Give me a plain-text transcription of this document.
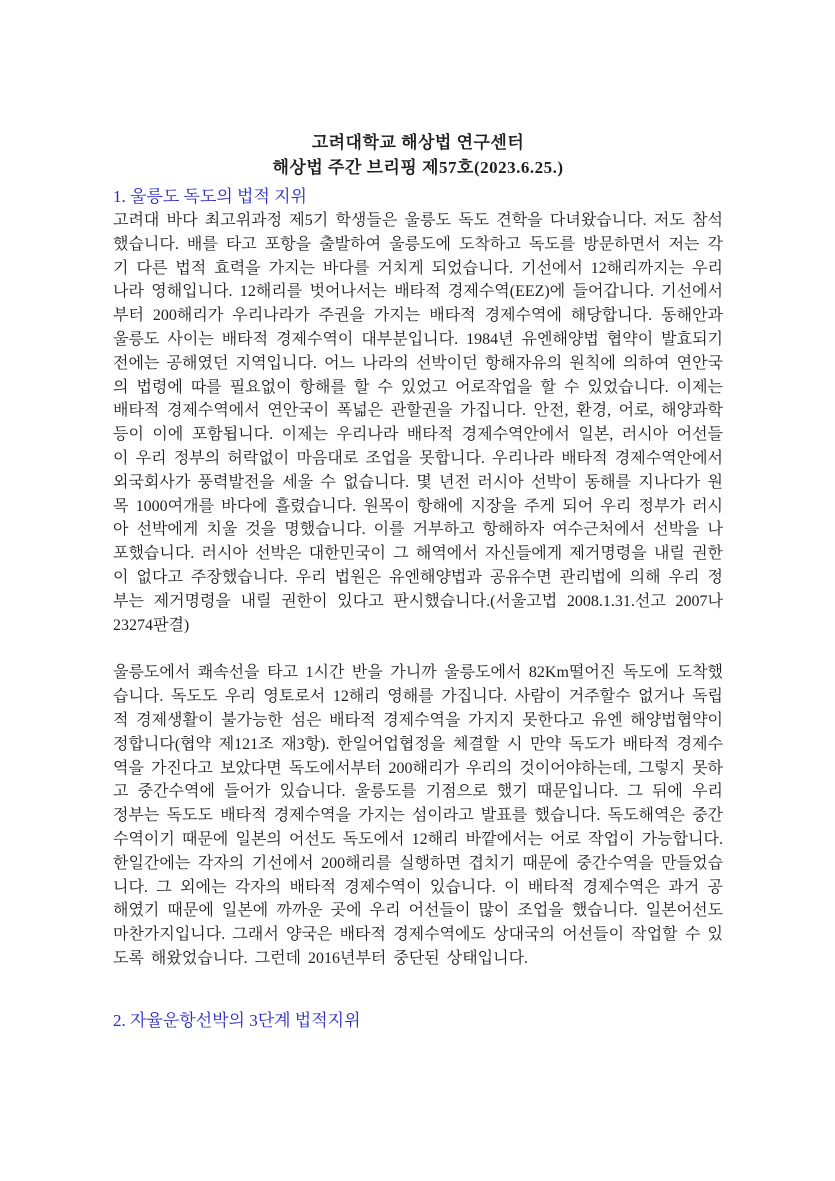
고려대학교 해상법 연구센터
해상법 주간 브리핑 제57호(2023.6.25.)
1. 울릉도 독도의 법적 지위

고려대 바다 최고위과정 제5기 학생들은 울릉도 독도 견학을 다녀왔습니다. 저도 참석했습니다. 배를 타고 포항을 출발하여 울릉도에 도착하고 독도를 방문하면서 저는 각기 다른 법적 효력을 가지는 바다를 거치게 되었습니다. 기선에서 12해리까지는 우리나라 영해입니다. 12해리를 벗어나서는 배타적 경제수역(EEZ)에 들어갑니다. 기선에서부터 200해리가 우리나라가 주권을 가지는 배타적 경제수역에 해당합니다. 동해안과 울릉도 사이는 배타적 경제수역이 대부분입니다. 1984년 유엔해양법 협약이 발효되기 전에는 공해였던 지역입니다. 어느 나라의 선박이던 항해자유의 원칙에 의하여 연안국의 법령에 따를 필요없이 항해를 할 수 있었고 어로작업을 할 수 있었습니다. 이제는 배타적 경제수역에서 연안국이 폭넓은 관할권을 가집니다. 안전, 환경, 어로, 해양과학 등이 이에 포함됩니다. 이제는 우리나라 배타적 경제수역안에서 일본, 러시아 어선들이 우리 정부의 허락없이 마음대로 조업을 못합니다. 우리나라 배타적 경제수역안에서 외국회사가 풍력발전을 세울 수 없습니다. 몇 년전 러시아 선박이 동해를 지나다가 원목 1000여개를 바다에 흘렸습니다. 원목이 항해에 지장을 주게 되어 우리 정부가 러시아 선박에게 치울 것을 명했습니다. 이를 거부하고 항해하자 여수근처에서 선박을 나포했습니다. 러시아 선박은 대한민국이 그 해역에서 자신들에게 제거명령을 내릴 권한이 없다고 주장했습니다. 우리 법원은 유엔해양법과 공유수면 관리법에 의해 우리 정부는 제거명령을 내릴 권한이 있다고 판시했습니다.(서울고법 2008.1.31.선고 2007나23274판결)

울릉도에서 쾌속선을 타고 1시간 반을 가니까 울릉도에서 82Km떨어진 독도에 도착했습니다. 독도도 우리 영토로서 12해리 영해를 가집니다. 사람이 거주할수 없거나 독립적 경제생활이 불가능한 섬은 배타적 경제수역을 가지지 못한다고 유엔 해양법협약이 정합니다(협약 제121조 재3항). 한일어업협정을 체결할 시 만약 독도가 배타적 경제수역을 가진다고 보았다면 독도에서부터 200해리가 우리의 것이어야하는데, 그렇지 못하고 중간수역에 들어가 있습니다. 울릉도를 기점으로 했기 때문입니다. 그 뒤에 우리 정부는 독도도 배타적 경제수역을 가지는 섬이라고 발표를 했습니다. 독도해역은 중간수역이기 때문에 일본의 어선도 독도에서 12해리 바깥에서는 어로 작업이 가능합니다. 한일간에는 각자의 기선에서 200해리를 실행하면 겹치기 때문에 중간수역을 만들었습니다. 그 외에는 각자의 배타적 경제수역이 있습니다. 이 배타적 경제수역은 과거 공해였기 때문에 일본에 까까운 곳에 우리 어선들이 많이 조업을 했습니다. 일본어선도 마찬가지입니다. 그래서 양국은 배타적 경제수역에도 상대국의 어선들이 작업할 수 있도록 해왔었습니다. 그런데 2016년부터 중단된 상태입니다.

2. 자율운항선박의 3단계 법적지위
